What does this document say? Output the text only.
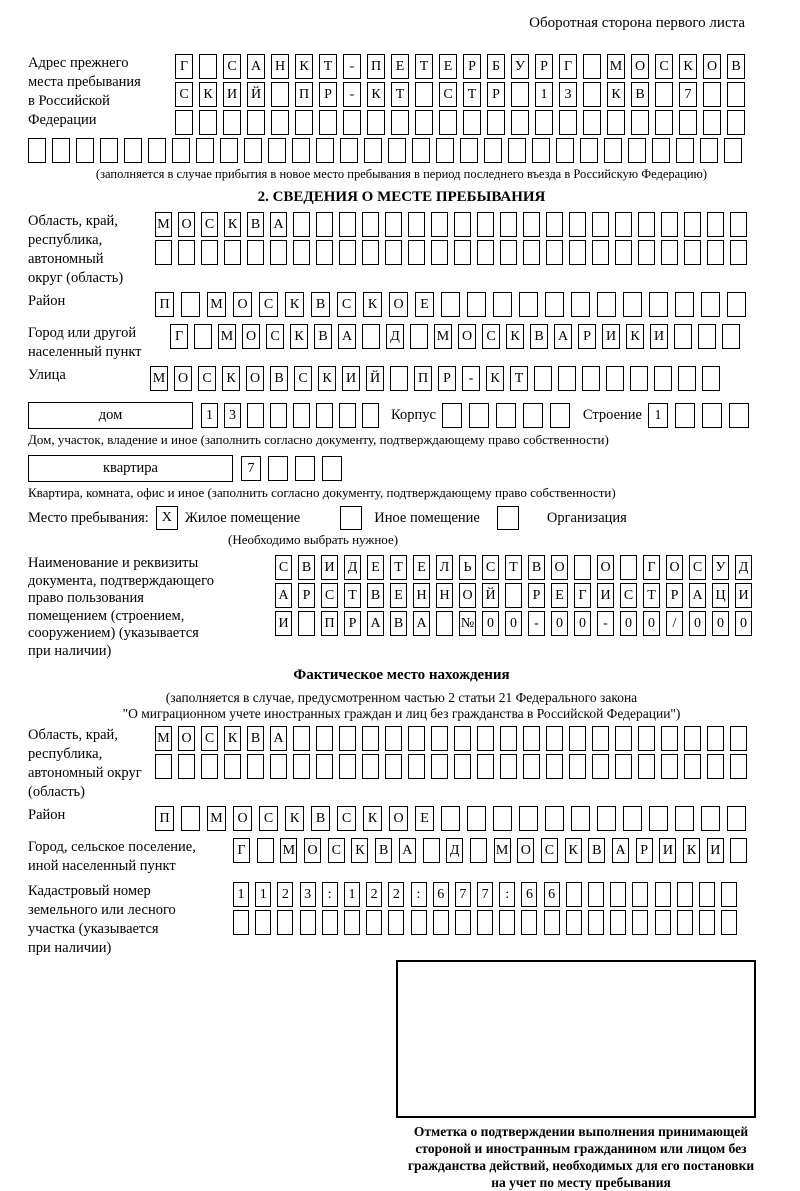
Оборотная сторона первого листа
Адрес прежнего
места пребывания
в Российской
Федерации
Г	С	А Н	К	Т	-	П	Е	Т	Е	Р	Б	У	Р	Г	М О	С	К	О	В
С	К	И Й	П	Р	-	К	Т	С	Т	Р	1	3	К	В	7
(заполняется в случае прибытия в новое место пребывания в период последнего въезда в Российскую Федерацию)
2. СВЕДЕНИЯ О МЕСТЕ ПРЕБЫВАНИЯ
Область, край,
республика,
автономный
округ (область)
М О С К В А
Район	П	М	О	С	К	В	С	К	О	Е
Город или другой
населенный пункт
Г	М О	С	К	В	А	Д	М О	С	К	В	А	Р	И	К	И
Улица	М О	С	К	О	В	С	К	И Й	П	Р	-	К	Т
дом	1	3	Корпус	Строение 1
Дом, участок, владение и иное (заполнить согласно документу, подтверждающему право собственности)
квартира	7
Квартира, комната, офис и иное (заполнить согласно документу, подтверждающему право собственности)
Место пребывания: X Жилое помещение	Иное помещение	Организация
(Необходимо выбрать нужное)
Наименование и реквизиты
документа, подтверждающего
право пользования
помещением (строением,
сооружением) (указывается
при наличии)
С В И Д Е	Т	Е Л	Ь	С	Т	В О	О	Г О С У Д
А	Р	С	Т	В	Е Н Н О Й	Р	Е	Г И С	Т	Р	А Ц И
И	П	Р	А В А № 0	0	-	0	0	-	0	0	/	0	0	0
Фактическое место нахождения
(заполняется в случае, предусмотренном частью 2 статьи 21 Федерального закона
"О миграционном учете иностранных граждан и лиц без гражданства в Российской Федерации")
Область, край,
республика,
автономный округ
(область)
М О С К В А
Район	П	М	О	С	К	В	С	К	О	Е
Город, сельское поселение,
иной населенный пункт
Г	М О С К В А	Д	М О С К В А	Р	И К И
Кадастровый номер
земельного или лесного
участка (указывается
при наличии)
1	1	2	3	:	1	2	2	:	6	7	7	:	6	6
Отметка о подтверждении выполнения принимающей
стороной и иностранным гражданином или лицом без
гражданства действий, необходимых для его постановки
на учет по месту пребывания
